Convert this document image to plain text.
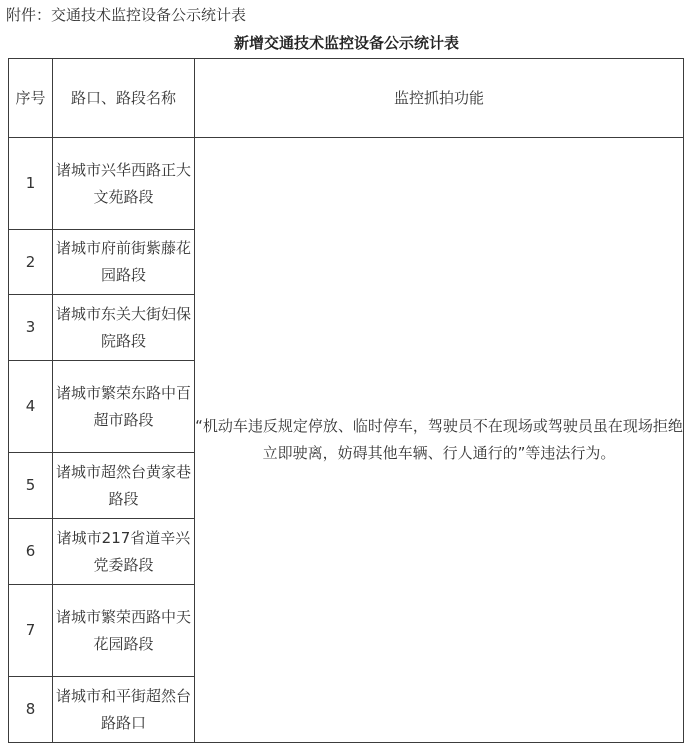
附件：交通技术监控设备公示统计表
新增交通技术监控设备公示统计表
序号	路口、路段名称	监控抓拍功能
1	诸城市兴华西路正大文苑路段	“机动车违反规定停放、临时停车，驾驶员不在现场或驾驶员虽在现场拒绝立即驶离，妨碍其他车辆、行人通行的”等违法行为。
2	诸城市府前街紫藤花园路段	
3	诸城市东关大街妇保院路段	
4	诸城市繁荣东路中百超市路段	
5	诸城市超然台黄家巷路段	
6	诸城市217省道辛兴党委路段	
7	诸城市繁荣西路中天花园路段	
8	诸城市和平街超然台路路口	
